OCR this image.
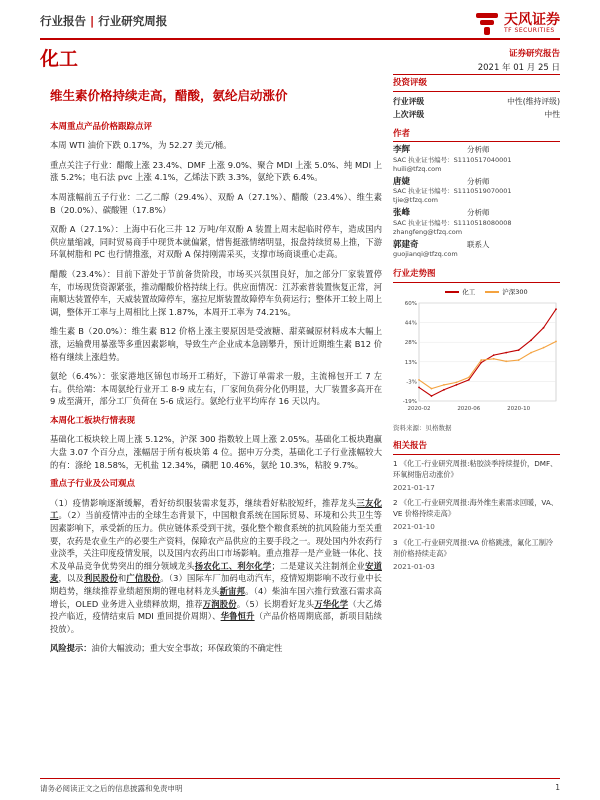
行业报告 | 行业研究周报	天风证券
TF SECURITIES
化工	证券研究报告
2021 年 01 月 25 日
维生素价格持续走高，醋酸，氨纶启动涨价
本周重点产品价格跟踪点评
本周 WTI 油价下跌 0.17%，为 52.27 美元/桶。
重点关注子行业：醋酸上涨 23.4%、DMF 上涨 9.0%、聚合 MDI 上涨 5.0%、纯 MDI 上涨 5.2%；电石法 pvc 上涨 4.1%，乙烯法下跌 3.3%，氨纶下跌 6.4%。
本周涨幅前五子行业：二乙二醇（29.4%）、双酚 A（27.1%）、醋酸（23.4%）、维生素 B（20.0%）、碳酸锂（17.8%）
双酚 A（27.1%）：上海中石化三井 12 万吨/年双酚 A 装置上周末起临时停车，造成国内供应量缩减，同时贸易商手中现货本就偏紧，惜售挺涨情绪明显，报盘持续贸易上推，下游环氧树脂和 PC 也行情推涨，对双酚 A 保持刚需采买，支撑市场商谈重心走高。
醋酸（23.4%）：目前下游处于节前备货阶段，市场买兴氛围良好，加之部分厂家装置停车，市场现货资源紧张，推动醋酸价格持续上行。供应面情况：江苏索普装置恢复正常，河南顺达装置停车，天威装置故障停车，塞拉尼斯装置故障停车负荷运行；整体开工较上周上调，整体开工率与上周相比上探 1.87%，本周开工率为 74.21%。
维生素 B（20.0%）：维生素 B12 价格上涨主要原因是受液糖、甜菜碱原材料成本大幅上涨，运输费用暴涨等多重因素影响，导致生产企业成本急剧攀升，预计近期维生素 B12 价格有继续上涨趋势。
氨纶（6.4%）：张家港地区锦包市场开工稍好，下游订单需求一般，主流棉包开工 7 左右。供给端：本周氨纶行业开工 8-9 成左右，厂家间负荷分化仍明显，大厂装置多高开在 9 成至满开，部分工厂负荷在 5-6 成运行。氨纶行业平均库存 16 天以内。
本周化工板块行情表现
基础化工板块较上周上涨 5.12%，沪深 300 指数较上周上涨 2.05%。基础化工板块跑赢大盘 3.07 个百分点，涨幅居于所有板块第 4 位。据申万分类，基础化工子行业涨幅较大的有：涤纶 18.58%，无机盐 12.34%，磷肥 10.46%，氨纶 10.3%，粘胶 9.7%。
重点子行业及公司观点
（1）疫情影响逐渐缓解，看好纺织服装需求复苏，继续看好粘胶短纤，推荐龙头三友化工。（2）当前疫情冲击的全球生态背景下，中国粮食系统在国际贸易、环境和公共卫生等因素影响下，承受新的压力。供应链体系受到干扰，强化整个粮食系统的抗风险能力至关重要，农药是农业生产的必要生产资料，保障农产品供应的主要手段之一。现处国内外农药行业淡季，关注印度疫情发展，以及国内农药出口市场影响。重点推荐一是产业链一体化、技术及单品竞争优势突出的细分领域龙头扬农化工、利尔化学；二是建议关注制剂企业安道麦，以及利民股份和广信股份。（3）国际车厂加码电动汽车，疫情短期影响不改行业中长期趋势，继续推荐业绩超预期的锂电材料龙头新宙邦。（4）柴油车国六推行致涨石需求高增长，OLED 业务进入业绩释放期，推荐万润股份。（5）长期看好龙头万华化学（大乙烯投产临近，疫情结束后 MDI 重回提价周期）、华鲁恒升（产品价格周期底部，新项目陆续投放）。
风险提示：油价大幅波动；重大安全事故；环保政策的不确定性
投资评级
行业评级	中性(维持评级)
上次评级	中性
作者
李辉	分析师
SAC 执业证书编号：S1110517040001
huili@tfzq.com
唐婕	分析师
SAC 执业证书编号：S1110519070001
tjie@tfzq.com
张峰	分析师
SAC 执业证书编号：S1110518080008
zhangfeng@tfzq.com
郭建奇	联系人
guojianqi@tfzq.com
行业走势图
化工	沪深300
-19%
-3%
13%
28%
44%
60%
2020-02	2020-06	2020-10
资料来源：贝格数据
相关报告
1 《化工-行业研究周报:粘胶淡季持续提价，DMF、环氧树脂启动涨价》
2021-01-17
2 《化工-行业研究周报:海外维生素需求回暖，VA、VE 价格持续走高》
2021-01-10
3 《化工-行业研究周报:VA 价格跳涨，氟化工制冷剂价格持续走高》
2021-01-03
请务必阅读正文之后的信息披露和免责申明	1
